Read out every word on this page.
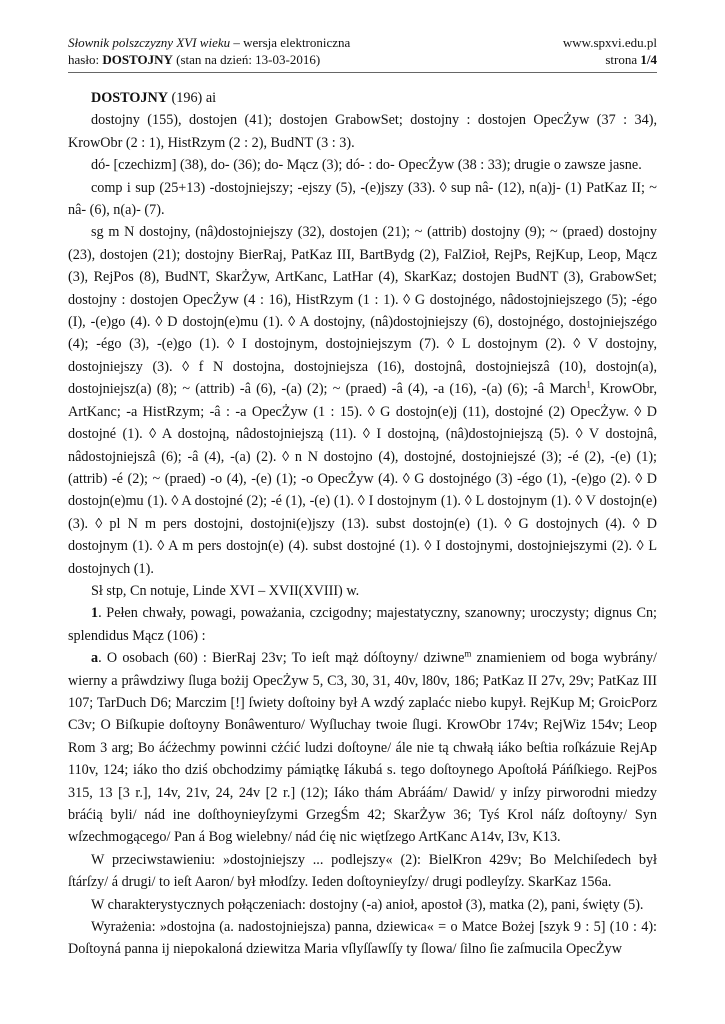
Słownik polszczyzny XVI wieku – wersja elektroniczna
hasło: DOSTOJNY (stan na dzień: 13-03-2016)
www.spxvi.edu.pl
strona 1/4

DOSTOJNY (196) ai

dostojny (155), dostojen (41); dostojen GrabowSet; dostojny : dostojen OpecŻyw (37 : 34), KrowObr (2 : 1), HistRzym (2 : 2), BudNT (3 : 3).

dó- [czechizm] (38), do- (36); do- Mącz (3); dó- : do- OpecŻyw (38 : 33); drugie o zawsze jasne.

comp i sup (25+13) -dostojniejszy; -ejszy (5), -(e)jszy (33). ◊ sup nâ- (12), n(a)j- (1) PatKaz II; ~ nâ- (6), n(a)- (7).

sg m N dostojny, (nâ)dostojniejszy (32), dostojen (21); ~ (attrib) dostojny (9); ~ (praed) dostojny (23), dostojen (21); dostojny BierRaj, PatKaz III, BartBydg (2), FalZioł, RejPs, RejKup, Leop, Mącz (3), RejPos (8), BudNT, SkarŻyw, ArtKanc, LatHar (4), SkarKaz; dostojen BudNT (3), GrabowSet; dostojny : dostojen OpecŻyw (4 : 16), HistRzym (1 : 1). ◊ G dostojnégo, nâdostojniejszego (5); -égo (I), -(e)go (4). ◊ D dostojn(e)mu (1). ◊ A dostojny, (nâ)dostojniejszy (6), dostojnégo, dostojniejszégo (4); -égo (3), -(e)go (1). ◊ I dostojnym, dostojniejszym (7). ◊ L dostojnym (2). ◊ V dostojny, dostojniejszy (3). ◊ f N dostojna, dostojniejsza (16), dostojnâ, dostojniejszâ (10), dostojn(a), dostojniejsz(a) (8); ~ (attrib) -â (6), -(a) (2); ~ (praed) -â (4), -a (16), -(a) (6); -â March$^1$, KrowObr, ArtKanc; -a HistRzym; -â : -a OpecŻyw (1 : 15). ◊ G dostojn(e)j (11), dostojné (2) OpecŻyw. ◊ D dostojné (1). ◊ A dostojną, nâdostojniejszą (11). ◊ I dostojną, (nâ)dostojniejszą (5). ◊ V dostojnâ, nâdostojniejszâ (6); -â (4), -(a) (2). ◊ n N dostojno (4), dostojné, dostojniejszé (3); -é (2), -(e) (1); (attrib) -é (2); ~ (praed) -o (4), -(e) (1); -o OpecŻyw (4). ◊ G dostojnégo (3) -égo (1), -(e)go (2). ◊ D dostojn(e)mu (1). ◊ A dostojné (2); -é (1), -(e) (1). ◊ I dostojnym (1). ◊ L dostojnym (1). ◊ V dostojn(e) (3). ◊ pl N m pers dostojni, dostojni(e)jszy (13). subst dostojn(e) (1). ◊ G dostojnych (4). ◊ D dostojnym (1). ◊ A m pers dostojn(e) (4). subst dostojné (1). ◊ I dostojnymi, dostojniejszymi (2). ◊ L dostojnych (1).

Sł stp, Cn notuje, Linde XVI – XVII(XVIII) w.

1. Pełen chwały, powagi, poważania, czcigodny; majestatyczny, szanowny; uroczysty; dignus Cn; splendidus Mącz (106) :

a. O osobach (60) : BierRaj 23v; To ieſt mąż dóſtoyny/ dziwne$^m$ znamieniem od boga wybrány/ wierny a prâwdziwy ſluga bożij OpecŻyw 5, C3, 30, 31, 40v, l80v, 186; PatKaz II 27v, 29v; PatKaz III 107; TarDuch D6; Marczim [!] ſwiety doſtoiny był A wzdý zaplaćc niebo kupył. RejKup M; GroicPorz C3v; O Biſkupie doſtoyny Bonâwenturo/ Wyſluchay twoie ſlugi. KrowObr 174v; RejWiz 154v; Leop Rom 3 arg; Bo áćżechmy powinni cżćić ludzi doſtoyne/ ále nie tą chwałą iáko beſtia roſkázuie RejAp 110v, 124; iáko tho dziś obchodzimy pámiątkę Iákubá s. tego doſtoynego Apoſtołá Páńſkiego. RejPos 315, 13 [3 r.], 14v, 21v, 24, 24v [2 r.] (12); Iáko thám Abráám/ Dawid/ y inſzy pirworodni miedzy bráćią byli/ nád ine doſthoynieyſzymi GrzegŚm 42; SkarŻyw 36; Tyś Krol náſz doſtoyny/ Syn wſzechmogącego/ Pan á Bog wielebny/ nád ćię nic więtſzego ArtKanc A14v, I3v, K13.

W przeciwstawieniu: »dostojniejszy ... podlejszy« (2): BielKron 429v; Bo Melchiſedech był ſtárſzy/ á drugi/ to ieſt Aaron/ był młodſzy. Ieden doſtoynieyſzy/ drugi podleyſzy. SkarKaz 156a.

W charakterystycznych połączeniach: dostojny (-a) anioł, apostoł (3), matka (2), pani, święty (5).

Wyrażenia: »dostojna (a. nadostojniejsza) panna, dziewica« = o Matce Bożej [szyk 9 : 5] (10 : 4): Doſtoyná panna ij niepokaloná dziewitza Maria vſlyſſawſſy ty ſlowa/ ſilno ſie zaſmucila OpecŻyw
